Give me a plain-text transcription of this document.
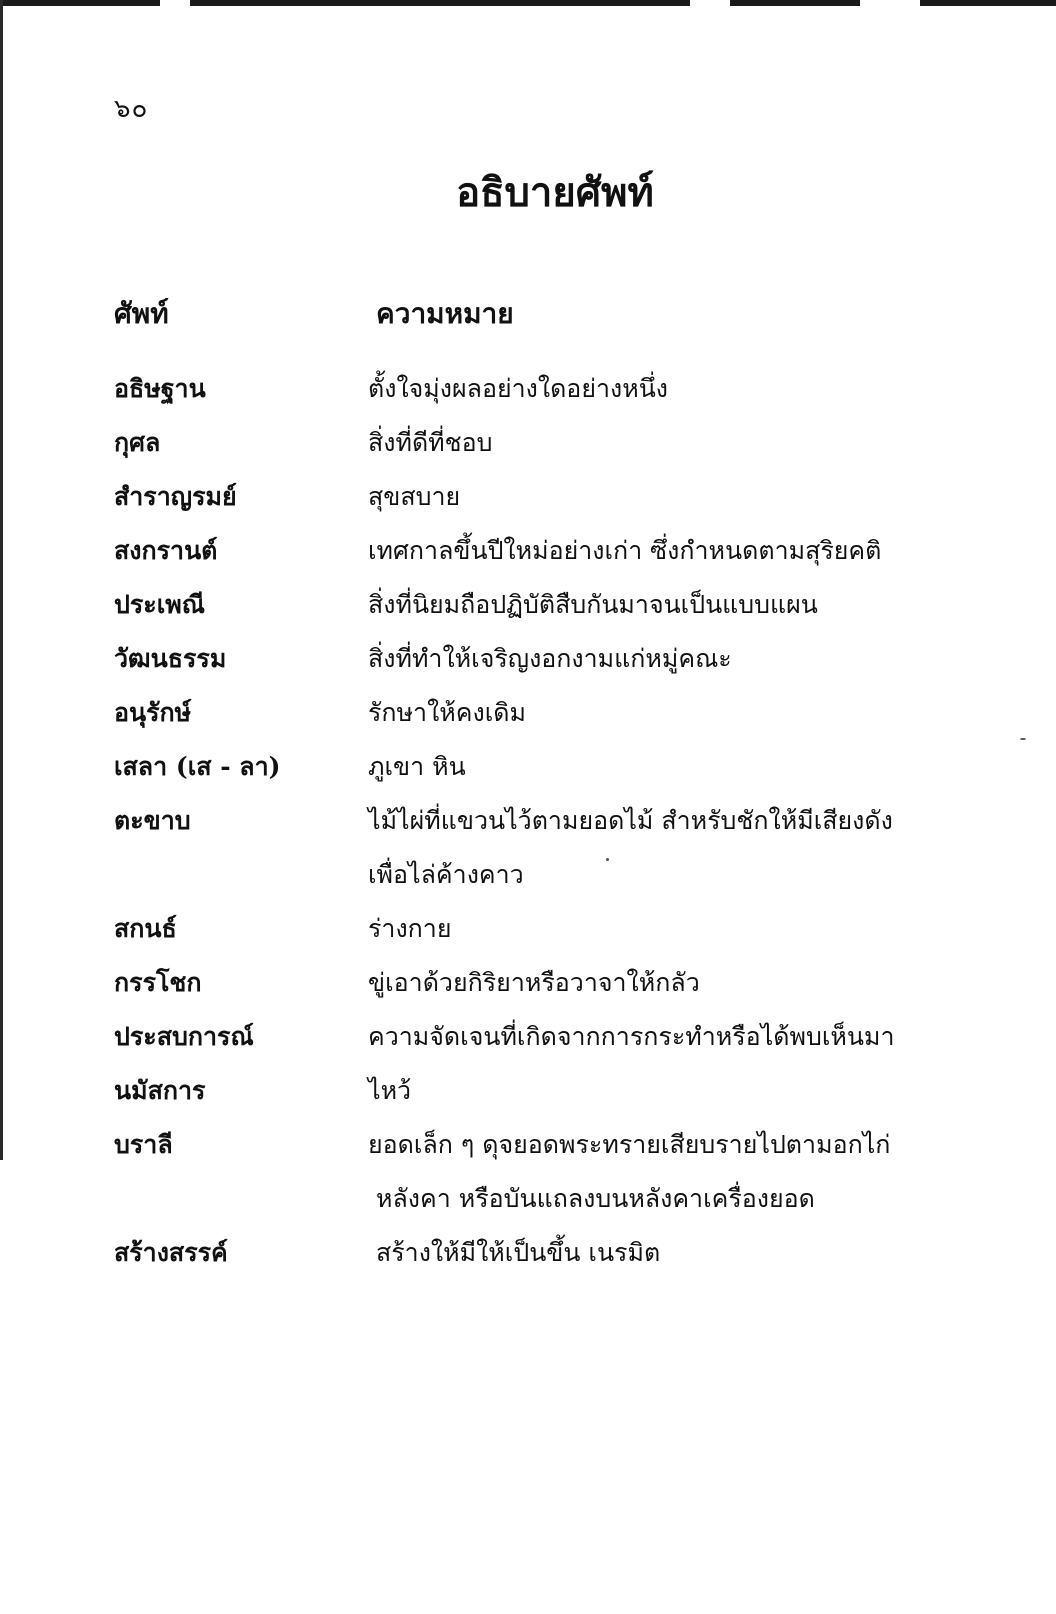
๖๐
อธิบายศัพท์
ศัพท์	ความหมาย
อธิษฐาน	ตั้งใจมุ่งผลอย่างใดอย่างหนึ่ง
กุศล	สิ่งที่ดีที่ชอบ
สำราญรมย์	สุขสบาย
สงกรานต์	เทศกาลขึ้นปีใหม่อย่างเก่า ซึ่งกำหนดตามสุริยคติ
ประเพณี	สิ่งที่นิยมถือปฏิบัติสืบกันมาจนเป็นแบบแผน
วัฒนธรรม	สิ่งที่ทำให้เจริญงอกงามแก่หมู่คณะ
อนุรักษ์	รักษาให้คงเดิม
เสลา (เส - ลา)	ภูเขา หิน
ตะขาบ	ไม้ไผ่ที่แขวนไว้ตามยอดไม้ สำหรับชักให้มีเสียงดัง
เพื่อไล่ค้างคาว
สกนธ์	ร่างกาย
กรรโชก	ขู่เอาด้วยกิริยาหรือวาจาให้กลัว
ประสบการณ์	ความจัดเจนที่เกิดจากการกระทำหรือได้พบเห็นมา
นมัสการ	ไหว้
บราลี	ยอดเล็ก ๆ ดุจยอดพระทรายเสียบรายไปตามอกไก่
หลังคา หรือบันแถลงบนหลังคาเครื่องยอด
สร้างสรรค์	สร้างให้มีให้เป็นขึ้น เนรมิต
